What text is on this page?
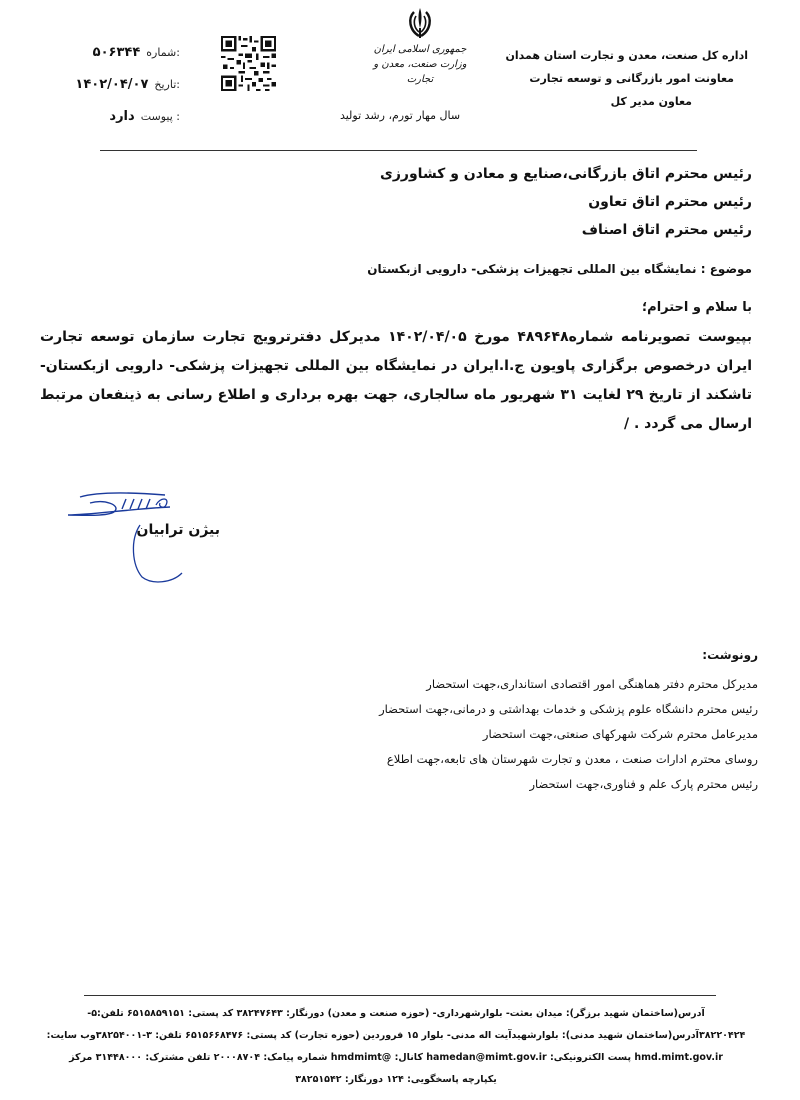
اداره کل صنعت، معدن و تجارت استان همدان
معاونت امور بازرگانی و توسعه تجارت
معاون مدیر کل
جمهوری اسلامی ایران
وزارت صنعت، معدن و تجارت
سال مهار تورم، رشد تولید
شماره:
۵۰۶۳۴۴
تاریخ:
۱۴۰۲/۰۴/۰۷
پیوست :
دارد
رئیس محترم اتاق بازرگانی،صنایع و معادن و کشاورزی
رئیس محترم اتاق تعاون
رئیس محترم اتاق اصناف
موضوع : نمایشگاه بین المللی تجهیزات پزشکی- دارویی ازبکستان
با سلام و احترام؛
بپیوست تصویرنامه شماره۴۸۹۶۴۸ مورخ ۱۴۰۲/۰۴/۰۵ مدیرکل دفترترویج تجارت سازمان توسعه تجارت ایران درخصوص برگزاری پاویون ج.ا.ایران در نمایشگاه بین المللی تجهیزات پزشکی- دارویی ازبکستان- تاشکند از تاریخ ۲۹ لغایت ۳۱ شهریور ماه سالجاری، جهت بهره برداری و اطلاع رسانی به ذینفعان مرتبط ارسال می گردد . /
بیژن ترابیان
رونوشت:
مدیرکل محترم دفتر هماهنگی امور اقتصادی استانداری،جهت استحضار
رئیس محترم دانشگاه علوم پزشکی و خدمات بهداشتی و درمانی،جهت استحضار
مدیرعامل محترم شرکت شهرکهای صنعتی،جهت استحضار
روسای محترم ادارات صنعت ، معدن و تجارت شهرستان های تابعه،جهت اطلاع
رئیس محترم پارک علم و فناوری،جهت استحضار
آدرس(ساختمان شهید برزگر): میدان بعثت- بلوارشهرداری- (حوزه صنعت و معدن) دورنگار: ۳۸۲۴۷۶۴۳ کد پستی: ۶۵۱۵۸۵۹۱۵۱ تلفن:۵-
۳۸۲۲۰۴۲۴آدرس(ساختمان شهید مدنی): بلوارشهیدآیت اله مدنی- بلوار ۱۵ فروردین (حوزه تجارت) کد پستی: ۶۵۱۵۶۶۸۴۷۶ تلفن: ۳-۳۸۲۵۴۰۰۱وب سایت:
hmd.mimt.gov.ir پست الکترونیکی: hamedan@mimt.gov.ir کانال: @hmdmimt شماره پیامک: ۲۰۰۰۸۷۰۴ تلفن مشترک: ۳۱۴۴۸۰۰۰ مرکز
یکپارچه پاسخگویی: ۱۲۴ دورنگار: ۳۸۲۵۱۵۴۲
